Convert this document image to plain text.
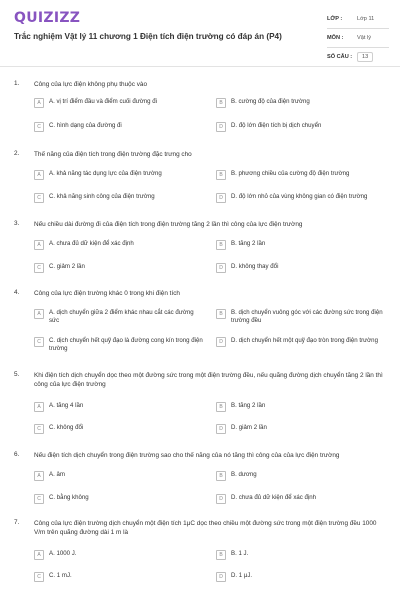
QUIZIZZ
Trắc nghiệm Vật lý 11 chương 1 Điện tích điện trường có đáp án (P4)
LỚP :	Lớp 11
MÔN :	Vật lý
SỐ CÂU :	13
1. Công của lực điện không phụ thuộc vào
A	A. vị trí điểm đầu và điểm cuối đường đi	B	B. cường độ của điện trường
C	C. hình dạng của đường đi	D	D. độ lớn điện tích bị dịch chuyển
2. Thế năng của điện tích trong điện trường đặc trưng cho
A	A. khả năng tác dụng lực của điện trường	B	B. phương chiều của cường độ điện trường
C	C. khả năng sinh công của điện trường	D	D. độ lớn nhỏ của vùng không gian có điện trường
3. Nếu chiều dài đường đi của điện tích trong điện trường tăng 2 lần thì công của lực điện trường
A	A. chưa đủ dữ kiện để xác định	B	B. tăng 2 lần
C	C. giảm 2 lần	D	D. không thay đổi
4. Công của lực điện trường khác 0 trong khi điện tích
A	A. dịch chuyển giữa 2 điểm khác nhau cắt các đường sức
B	B. dịch chuyển vuông góc với các đường sức trong điện trường đều
C	C. dịch chuyển hết quỹ đạo là đường cong kín trong điện trường
D	D. dịch chuyển hết một quỹ đạo tròn trong điện trường
5. Khi điện tích dịch chuyển dọc theo một đường sức trong một điện trường đều, nếu quãng đường dịch chuyển tăng 2 lần thì công của lực điện trường
A	A. tăng 4 lần	B	B. tăng 2 lần
C	C. không đổi	D	D. giảm 2 lần
6. Nếu điện tích dịch chuyển trong điện trường sao cho thế năng của nó tăng thì công của của lực điện trường
A	A. âm	B	B. dương
C	C. bằng không	D	D. chưa đủ dữ kiện để xác định
7. Công của lực điện trường dịch chuyển một điện tích 1μC dọc theo chiều một đường sức trong một điện trường đều 1000 V/m trên quãng đường dài 1 m là
A	A. 1000 J.	B	B. 1 J.
C	C. 1 mJ.	D	D. 1 μJ.
